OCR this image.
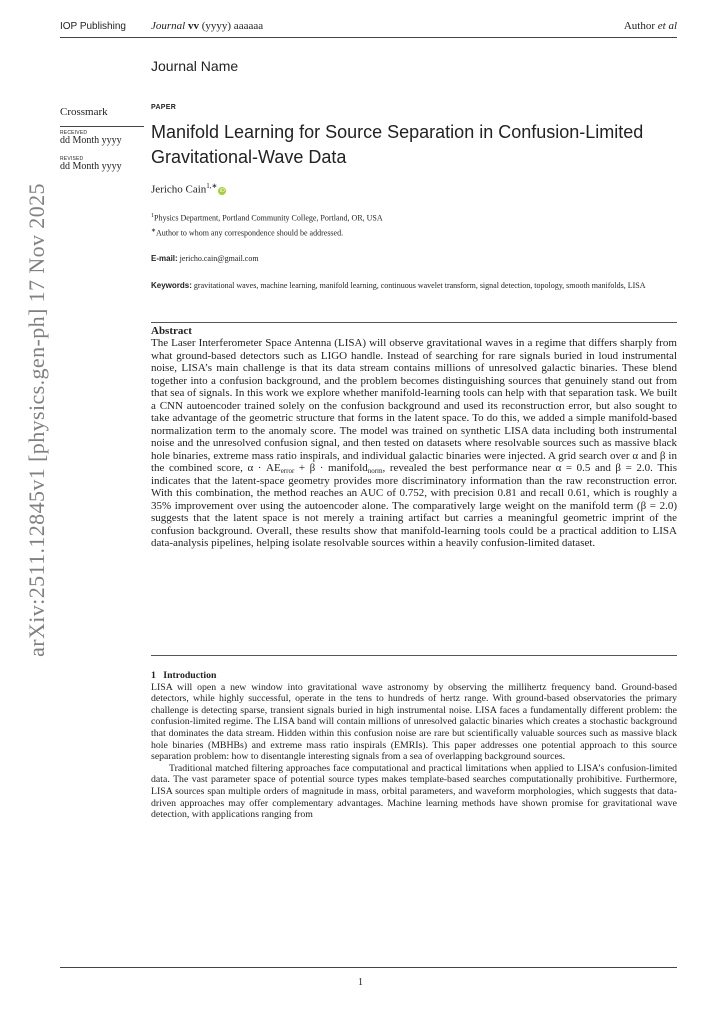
IOP Publishing Journal vv (yyyy) aaaaaa	Author et al
Journal Name
arXiv:2511.12845v1 [physics.gen-ph] 17 Nov 2025
Crossmark
RECEIVED
dd Month yyyy
REVISED
dd Month yyyy
PAPER
Manifold Learning for Source Separation in Confusion-Limited Gravitational-Wave Data
Jericho Cain$^{1,∗}$iD
$^1$Physics Department, Portland Community College, Portland, OR, USA
∗Author to whom any correspondence should be addressed.
E-mail: jericho.cain@gmail.com
Keywords: gravitational waves, machine learning, manifold learning, continuous wavelet transform, signal detection, topology, smooth manifolds, LISA
Abstract

The Laser Interferometer Space Antenna (LISA) will observe gravitational waves in a regime that differs sharply from what ground-based detectors such as LIGO handle. Instead of searching for rare signals buried in loud instrumental noise, LISA’s main challenge is that its data stream contains millions of unresolved galactic binaries. These blend together into a confusion background, and the problem becomes distinguishing sources that genuinely stand out from that sea of signals. In this work we explore whether manifold-learning tools can help with that separation task. We built a CNN autoencoder trained solely on the confusion background and used its reconstruction error, but also sought to take advantage of the geometric structure that forms in the latent space. To do this, we added a simple manifold-based normalization term to the anomaly score. The model was trained on synthetic LISA data including both instrumental noise and the unresolved confusion signal, and then tested on datasets where resolvable sources such as massive black hole binaries, extreme mass ratio inspirals, and individual galactic binaries were injected. A grid search over α and β in the combined score, $\alpha \cdot AE_{error} + \beta$ · manifold$_{norm}$, revealed the best performance near α = 0.5 and β = 2.0. This indicates that the latent-space geometry provides more discriminatory information than the raw reconstruction error. With this combination, the method reaches an AUC of 0.752, with precision 0.81 and recall 0.61, which is roughly a 35% improvement over using the autoencoder alone. The comparatively large weight on the manifold term (β = 2.0) suggests that the latent space is not merely a training artifact but carries a meaningful geometric imprint of the confusion background. Overall, these results show that manifold-learning tools could be a practical addition to LISA data-analysis pipelines, helping isolate resolvable sources within a heavily confusion-limited dataset.

1 Introduction

LISA will open a new window into gravitational wave astronomy by observing the millihertz frequency band. Ground-based detectors, while highly successful, operate in the tens to hundreds of hertz range. With ground-based observatories the primary challenge is detecting sparse, transient signals buried in high instrumental noise. LISA faces a fundamentally different problem: the confusion-limited regime. The LISA band will contain millions of unresolved galactic binaries which creates a stochastic background that dominates the data stream. Hidden within this confusion noise are rare but scientifically valuable sources such as massive black hole binaries (MBHBs) and extreme mass ratio inspirals (EMRIs). This paper addresses one potential approach to this source separation problem: how to disentangle interesting signals from a sea of overlapping background sources.

Traditional matched filtering approaches face computational and practical limitations when applied to LISA’s confusion-limited data. The vast parameter space of potential source types makes template-based searches computationally prohibitive. Furthermore, LISA sources span multiple orders of magnitude in mass, orbital parameters, and waveform morphologies, which suggests that data-driven approaches may offer complementary advantages. Machine learning methods have shown promise for gravitational wave detection, with applications ranging from

1
